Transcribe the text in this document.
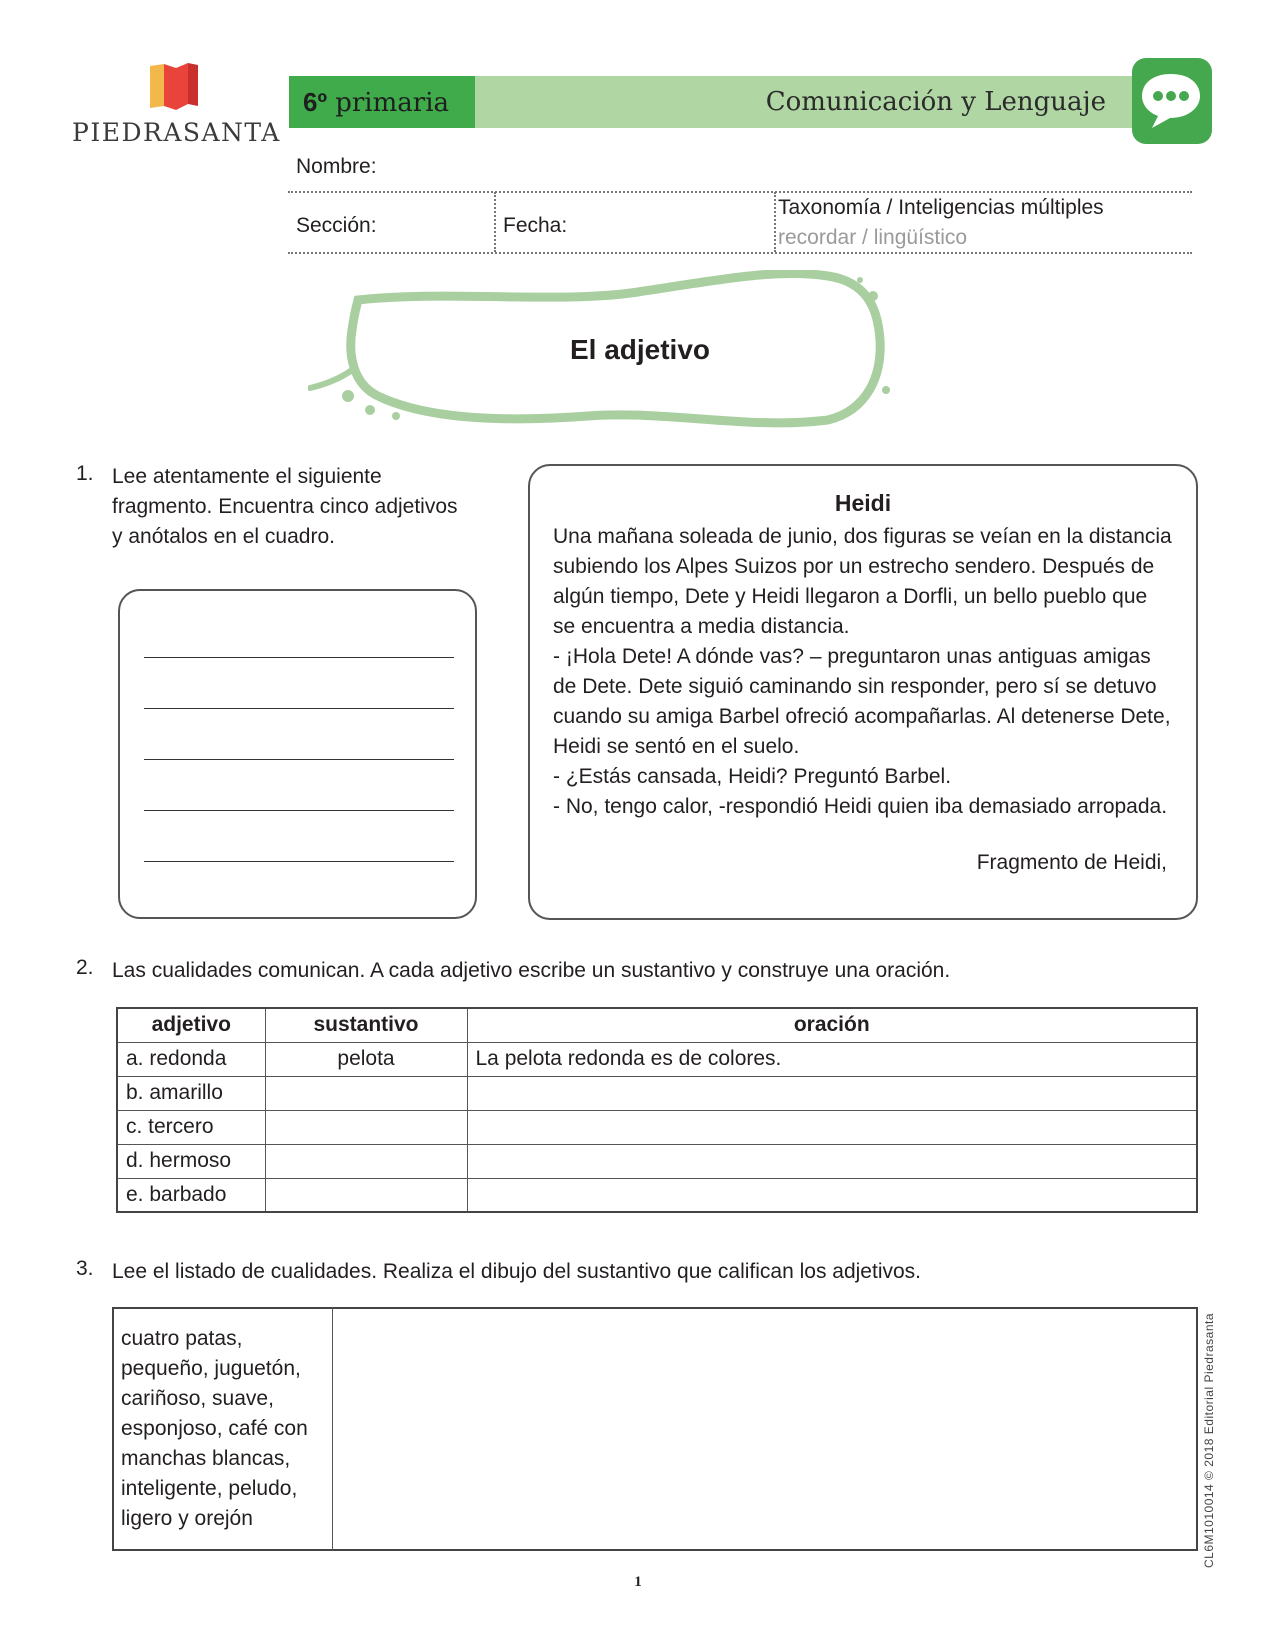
PIEDRASANTA
6º primaria	Comunicación y Lenguaje
Nombre:
Sección:	Fecha:
Taxonomía / Inteligencias múltiples
recordar / lingüístico
El adjetivo
1. Lee atentamente el siguiente
fragmento. Encuentra cinco adjetivos
y anótalos en el cuadro.
Heidi
Una mañana soleada de junio, dos figuras se veían en la distancia
subiendo los Alpes Suizos por un estrecho sendero. Después de
algún tiempo, Dete y Heidi llegaron a Dorfli, un bello pueblo que
se encuentra a media distancia.
- ¡Hola Dete! A dónde vas? – preguntaron unas antiguas amigas
de Dete. Dete siguió caminando sin responder, pero sí se detuvo
cuando su amiga Barbel ofreció acompañarlas. Al detenerse Dete,
Heidi se sentó en el suelo.
- ¿Estás cansada, Heidi? Preguntó Barbel.
- No, tengo calor, -respondió Heidi quien iba demasiado arropada.
Fragmento de Heidi,
2. Las cualidades comunican. A cada adjetivo escribe un sustantivo y construye una oración.
adjetivo	sustantivo	oración
a. redonda	pelota	La pelota redonda es de colores.
b. amarillo		
c. tercero		
d. hermoso		
e. barbado		
3. Lee el listado de cualidades. Realiza el dibujo del sustantivo que califican los adjetivos.
cuatro patas,
pequeño, juguetón,
cariñoso, suave,
esponjoso, café con
manchas blancas,
inteligente, peludo,
ligero y orejón	CL6M1010014 © 2018 Editorial Piedrasanta
1
